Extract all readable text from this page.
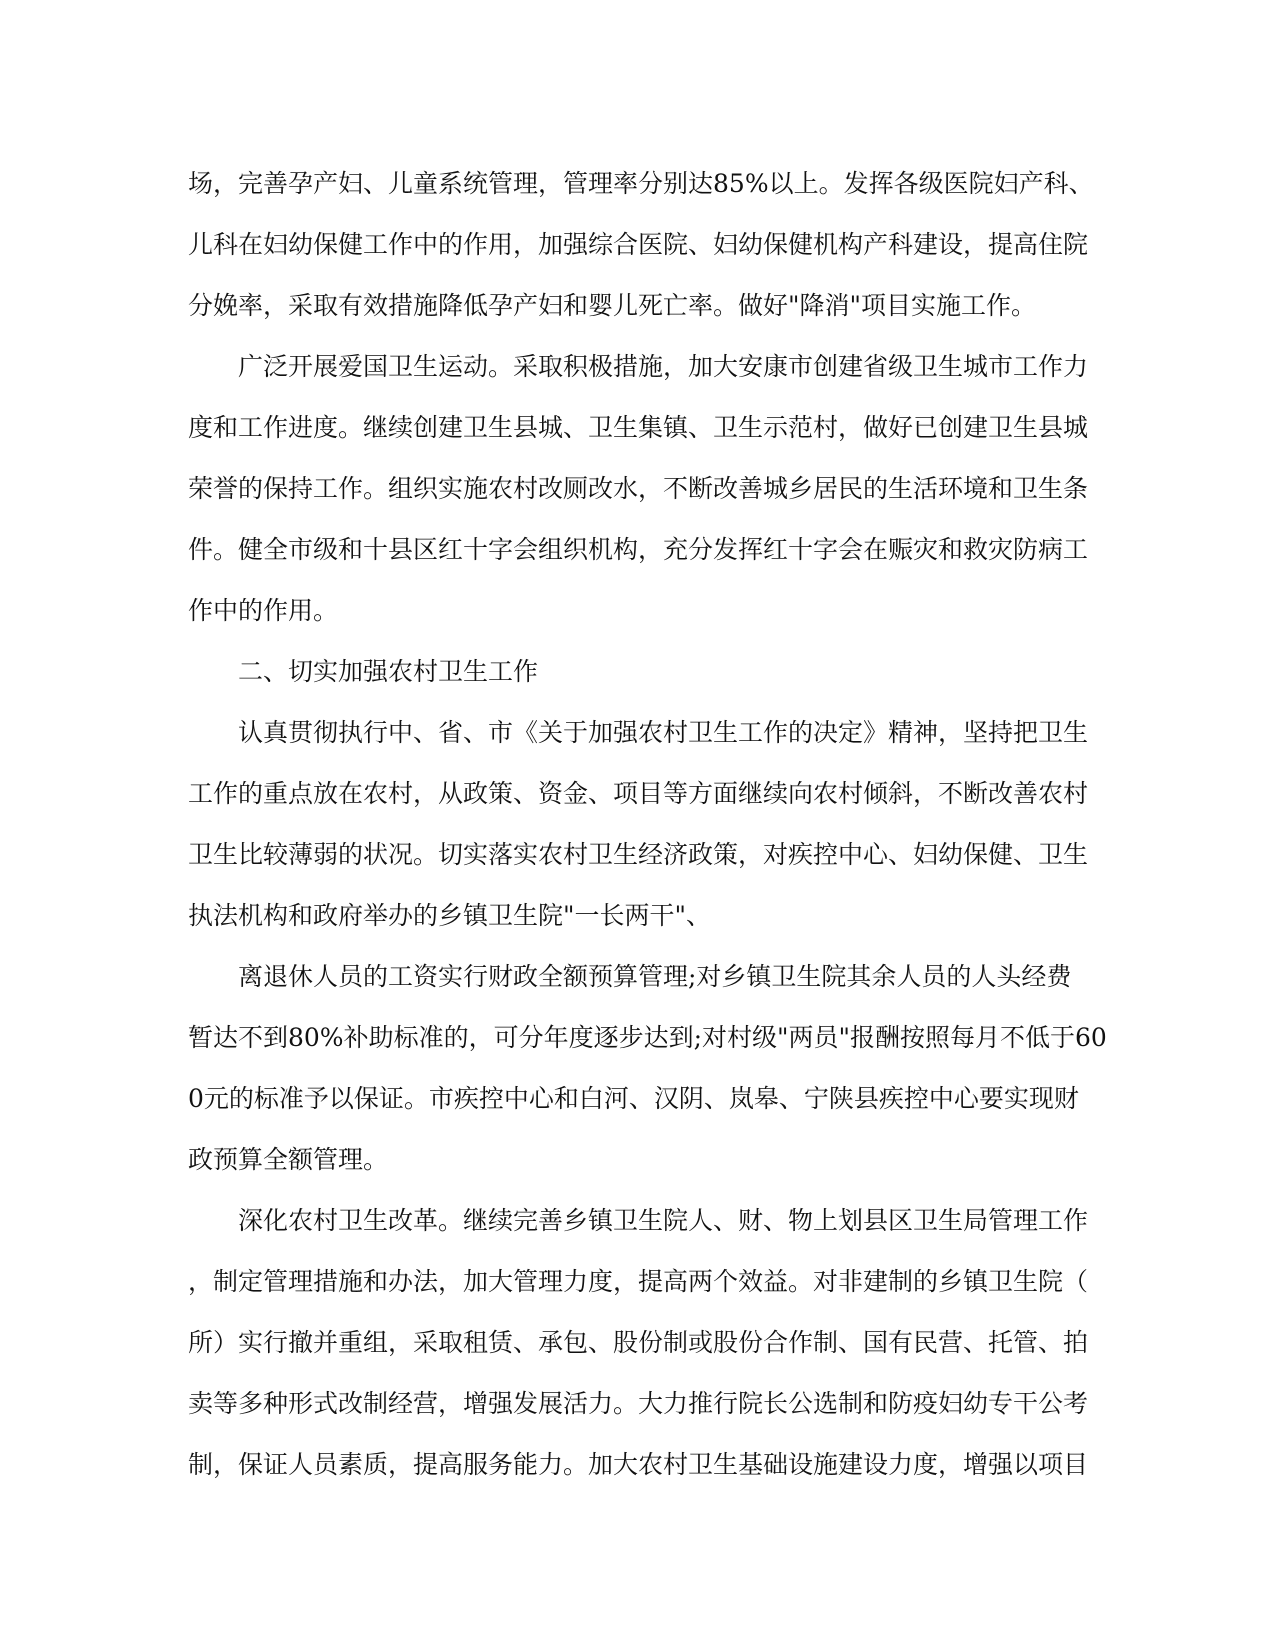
场，完善孕产妇、儿童系统管理，管理率分别达85%以上。发挥各级医院妇产科、
儿科在妇幼保健工作中的作用，加强综合医院、妇幼保健机构产科建设，提高住院
分娩率，采取有效措施降低孕产妇和婴儿死亡率。做好"降消"项目实施工作。
广泛开展爱国卫生运动。采取积极措施，加大安康市创建省级卫生城市工作力
度和工作进度。继续创建卫生县城、卫生集镇、卫生示范村，做好已创建卫生县城
荣誉的保持工作。组织实施农村改厕改水，不断改善城乡居民的生活环境和卫生条
件。健全市级和十县区红十字会组织机构，充分发挥红十字会在赈灾和救灾防病工
作中的作用。
二、切实加强农村卫生工作
认真贯彻执行中、省、市《关于加强农村卫生工作的决定》精神，坚持把卫生
工作的重点放在农村，从政策、资金、项目等方面继续向农村倾斜，不断改善农村
卫生比较薄弱的状况。切实落实农村卫生经济政策，对疾控中心、妇幼保健、卫生
执法机构和政府举办的乡镇卫生院"一长两干"、
离退休人员的工资实行财政全额预算管理;对乡镇卫生院其余人员的人头经费
暂达不到80%补助标准的，可分年度逐步达到;对村级"两员"报酬按照每月不低于60
0元的标准予以保证。市疾控中心和白河、汉阴、岚皋、宁陕县疾控中心要实现财
政预算全额管理。
深化农村卫生改革。继续完善乡镇卫生院人、财、物上划县区卫生局管理工作
，制定管理措施和办法，加大管理力度，提高两个效益。对非建制的乡镇卫生院（
所）实行撤并重组，采取租赁、承包、股份制或股份合作制、国有民营、托管、拍
卖等多种形式改制经营，增强发展活力。大力推行院长公选制和防疫妇幼专干公考
制，保证人员素质，提高服务能力。加大农村卫生基础设施建设力度，增强以项目
